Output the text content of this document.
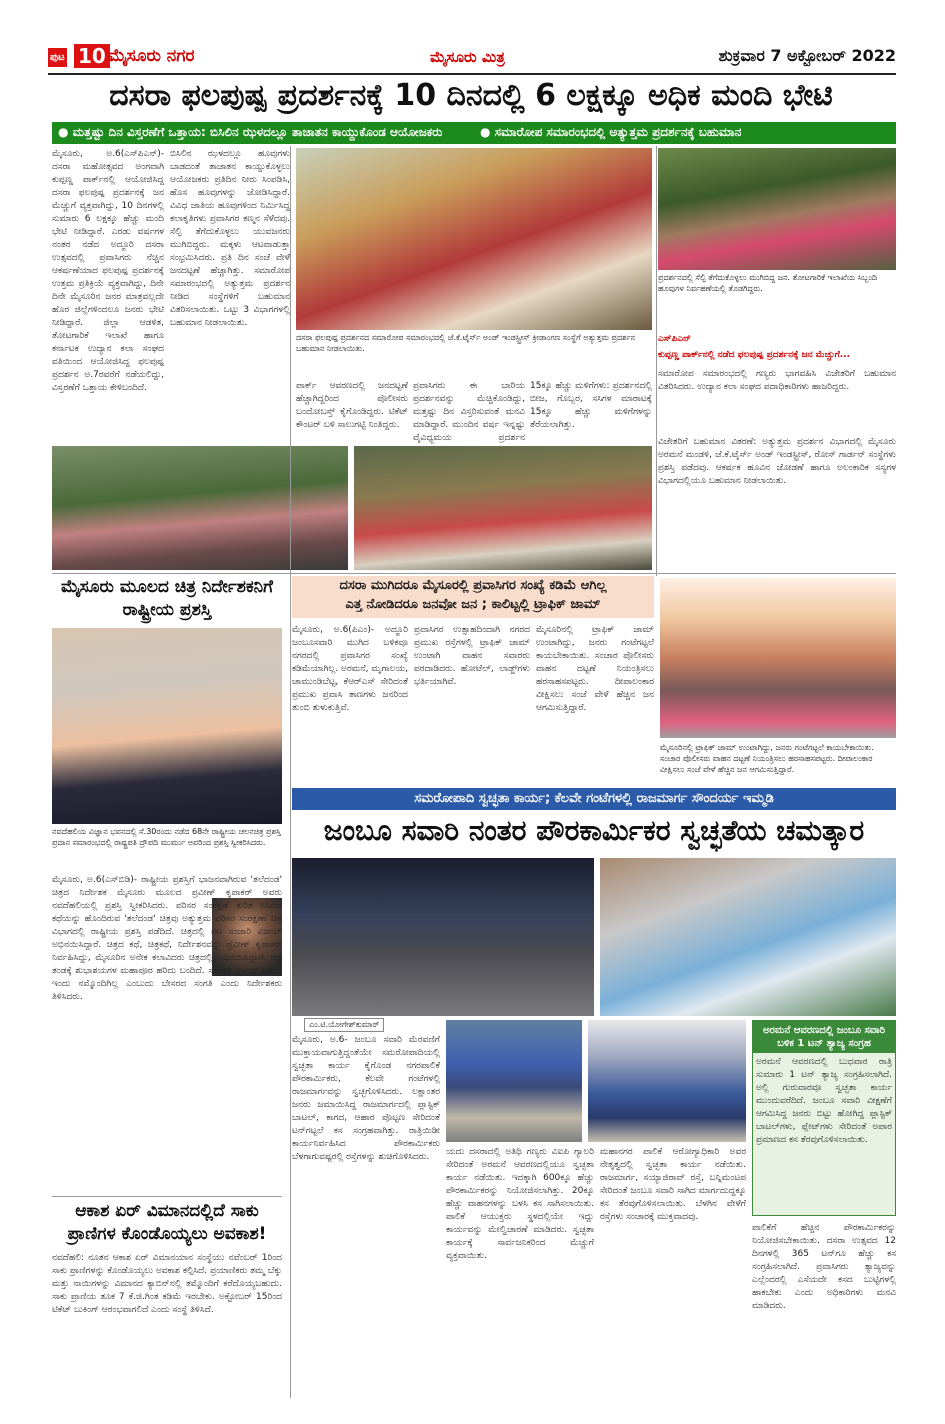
ಪುಟ 10 ಮೈಸೂರು ನಗರ	ಮೈಸೂರು ಮಿತ್ರ	ಶುಕ್ರವಾರ 7 ಅಕ್ಟೋಬರ್ 2022
ದಸರಾ ಫಲಪುಷ್ಪ ಪ್ರದರ್ಶನಕ್ಕೆ 10 ದಿನದಲ್ಲಿ 6 ಲಕ್ಷಕ್ಕೂ ಅಧಿಕ ಮಂದಿ ಭೇಟಿ
● ಮತ್ತಷ್ಟು ದಿನ ವಿಸ್ತರಣೆಗೆ ಒತ್ತಾಯ: ಬಿಸಿಲಿನ ಝಳದಲ್ಲೂ ತಾಜಾತನ ಕಾಯ್ದುಕೊಂಡ ಆಯೋಜಕರು	● ಸಮಾರೋಪ ಸಮಾರಂಭದಲ್ಲಿ ಅತ್ಯುತ್ತಮ ಪ್ರದರ್ಶನಕ್ಕೆ ಬಹುಮಾನ
ಮೈಸೂರು, ಅ.6(ಎಸ್‌ಪಿಎನ್)- ದಸರಾ ಮಹೋತ್ಸವದ ಅಂಗವಾಗಿ ಕುಪ್ಪಣ್ಣ ಪಾರ್ಕ್‌ನಲ್ಲಿ ಆಯೋಜಿಸಿದ್ದ ದಸರಾ ಫಲಪುಷ್ಪ ಪ್ರದರ್ಶನಕ್ಕೆ ಜನ ಮೆಚ್ಚುಗೆ ವ್ಯಕ್ತವಾಗಿದ್ದು, 10 ದಿನಗಳಲ್ಲಿ ಸುಮಾರು 6 ಲಕ್ಷಕ್ಕೂ ಹೆಚ್ಚು ಮಂದಿ ಭೇಟಿ ನೀಡಿದ್ದಾರೆ. ಎರಡು ವರ್ಷಗಳ ನಂತರ ನಡೆದ ಅದ್ಧೂರಿ ದಸರಾ ಉತ್ಸವದಲ್ಲಿ ಪ್ರವಾಸಿಗರು ನೆಚ್ಚಿನ ಆಕರ್ಷಣೆಯಾದ ಫಲಪುಷ್ಪ ಪ್ರದರ್ಶನಕ್ಕೆ ಉತ್ತಮ ಪ್ರತಿಕ್ರಿಯೆ ವ್ಯಕ್ತವಾಗಿದ್ದು, ದಿನೇ ದಿನೇ ಮೈಸೂರಿನ ಜನರ ಮಾತ್ರವಲ್ಲದೇ ಹೊರ ಜಿಲ್ಲೆಗಳಿಂದಲೂ ಜನರು ಭೇಟಿ ನೀಡಿದ್ದಾರೆ. ಜಿಲ್ಲಾ ಆಡಳಿತ, ತೋಟಗಾರಿಕೆ ಇಲಾಖೆ ಹಾಗೂ ಕರ್ನಾಟಕ ಉದ್ಯಾನ ಕಲಾ ಸಂಘದ ವತಿಯಿಂದ ಆಯೋಜಿಸಿದ್ದ ಫಲಪುಷ್ಪ ಪ್ರದರ್ಶನ ಅ.7ರವರೆಗೆ ನಡೆಯಲಿದ್ದು, ವಿಸ್ತರಣೆಗೆ ಒತ್ತಾಯ ಕೇಳಿಬಂದಿದೆ.
ಬಿಸಿಲಿನ ಝಳದಲ್ಲೂ ಹೂವುಗಳು ಬಾಡದಂತೆ ತಾಜಾತನ ಕಾಯ್ದುಕೊಳ್ಳಲು ಆಯೋಜಕರು ಪ್ರತಿದಿನ ನೀರು ಸಿಂಪಡಿಸಿ, ಹೊಸ ಹೂವುಗಳನ್ನು ಜೋಡಿಸಿದ್ದಾರೆ. ವಿವಿಧ ಜಾತಿಯ ಹೂವುಗಳಿಂದ ನಿರ್ಮಿಸಿದ್ದ ಕಲಾಕೃತಿಗಳು ಪ್ರವಾಸಿಗರ ಕಣ್ಮನ ಸೆಳೆದವು. ಸೆಲ್ಫಿ ತೆಗೆದುಕೊಳ್ಳಲು ಯುವಜನರು ಮುಗಿಬಿದ್ದರು. ಮಕ್ಕಳು ಆಟವಾಡುತ್ತಾ ಸಂಭ್ರಮಿಸಿದರು. ಪ್ರತಿ ದಿನ ಸಂಜೆ ವೇಳೆ ಜನದಟ್ಟಣೆ ಹೆಚ್ಚಾಗಿತ್ತು. ಸಮಾರೋಪ ಸಮಾರಂಭದಲ್ಲಿ ಅತ್ಯುತ್ತಮ ಪ್ರದರ್ಶನ ನೀಡಿದ ಸಂಸ್ಥೆಗಳಿಗೆ ಬಹುಮಾನ ವಿತರಿಸಲಾಯಿತು. ಒಟ್ಟು 3 ವಿಭಾಗಗಳಲ್ಲಿ ಬಹುಮಾನ ನೀಡಲಾಯಿತು.
ದಸರಾ ಫಲಪುಷ್ಪ ಪ್ರದರ್ಶನದ ಸಮಾರೋಪ ಸಮಾರಂಭದಲ್ಲಿ ಜೆ.ಕೆ.ಟೈರ್ಸ್ ಅಂಡ್ ಇಂಡಸ್ಟ್ರೀಸ್ ಕ್ರೀಡಾಂಗಣ ಸಂಸ್ಥೆಗೆ ಅತ್ಯುತ್ತಮ ಪ್ರದರ್ಶನ ಬಹುಮಾನ ನೀಡಲಾಯಿತು.
ಪ್ರದರ್ಶನದಲ್ಲಿ ಸೆಲ್ಫಿ ತೆಗೆದುಕೊಳ್ಳಲು ಮುಗಿಬಿದ್ದ ಜನ. ತೋಟಗಾರಿಕೆ ಇಲಾಖೆಯ ಸಿಬ್ಬಂದಿ ಹೂವುಗಳ ನಿರ್ವಹಣೆಯಲ್ಲಿ ತೊಡಗಿದ್ದರು.
ಎಸ್‌ಪಿಎನ್
ಕುಪ್ಪಣ್ಣ ಪಾರ್ಕ್‌ನಲ್ಲಿ ನಡೆದ ಫಲಪುಷ್ಪ ಪ್ರದರ್ಶನಕ್ಕೆ ಜನ ಮೆಚ್ಚುಗೆ...
ಪಾರ್ಕ್ ಆವರಣದಲ್ಲಿ ಜನದಟ್ಟಣೆ ಹೆಚ್ಚಾಗಿದ್ದರಿಂದ ಪೊಲೀಸರು ಬಂದೋಬಸ್ತ್ ಕೈಗೊಂಡಿದ್ದರು. ಟಿಕೆಟ್ ಕೌಂಟರ್ ಬಳಿ ಸಾಲುಗಟ್ಟಿ ನಿಂತಿದ್ದರು.
ಪ್ರವಾಸಿಗರು ಈ ಬಾರಿಯ ಪ್ರದರ್ಶನವನ್ನು ಮೆಚ್ಚಿಕೊಂಡಿದ್ದು, ಮತ್ತಷ್ಟು ದಿನ ವಿಸ್ತರಿಸುವಂತೆ ಮನವಿ ಮಾಡಿದ್ದಾರೆ. ಮುಂದಿನ ವರ್ಷ ಇನ್ನಷ್ಟು ವೈವಿಧ್ಯಮಯ ಪ್ರದರ್ಶನ
15ಕ್ಕೂ ಹೆಚ್ಚು ಮಳಿಗೆಗಳು: ಪ್ರದರ್ಶನದಲ್ಲಿ ಬೀಜ, ಗೊಬ್ಬರ, ಸಸಿಗಳ ಮಾರಾಟಕ್ಕೆ 15ಕ್ಕೂ ಹೆಚ್ಚು ಮಳಿಗೆಗಳನ್ನು ತೆರೆಯಲಾಗಿತ್ತು.
ಸಮಾರೋಪ ಸಮಾರಂಭದಲ್ಲಿ ಗಣ್ಯರು ಭಾಗವಹಿಸಿ ವಿಜೇತರಿಗೆ ಬಹುಮಾನ ವಿತರಿಸಿದರು. ಉದ್ಯಾನ ಕಲಾ ಸಂಘದ ಪದಾಧಿಕಾರಿಗಳು ಹಾಜರಿದ್ದರು.
ವಿಜೇತರಿಗೆ ಬಹುಮಾನ ವಿತರಣೆ: ಅತ್ಯುತ್ತಮ ಪ್ರದರ್ಶನ ವಿಭಾಗದಲ್ಲಿ ಮೈಸೂರು ಅರಮನೆ ಮಂಡಳಿ, ಜೆ.ಕೆ.ಟೈರ್ಸ್ ಅಂಡ್ ಇಂಡಸ್ಟ್ರೀಸ್, ರೋಸ್ ಗಾರ್ಡನ್ ಸಂಸ್ಥೆಗಳು ಪ್ರಶಸ್ತಿ ಪಡೆದವು. ಆಕರ್ಷಕ ಹೂವಿನ ಜೋಡಣೆ ಹಾಗೂ ಅಲಂಕಾರಿಕ ಸಸ್ಯಗಳ ವಿಭಾಗದಲ್ಲಿಯೂ ಬಹುಮಾನ ನೀಡಲಾಯಿತು.
ಮೈಸೂರು ಮೂಲದ ಚಿತ್ರ ನಿರ್ದೇಶಕನಿಗೆ ರಾಷ್ಟ್ರೀಯ ಪ್ರಶಸ್ತಿ
ನವದೆಹಲಿಯ ವಿಜ್ಞಾನ ಭವನದಲ್ಲಿ ಸೆ.30ರಂದು ನಡೆದ 68ನೇ ರಾಷ್ಟ್ರೀಯ ಚಲನಚಿತ್ರ ಪ್ರಶಸ್ತಿ ಪ್ರದಾನ ಸಮಾರಂಭದಲ್ಲಿ ರಾಷ್ಟ್ರಪತಿ ದ್ರೌಪದಿ ಮುರ್ಮು ಅವರಿಂದ ಪ್ರಶಸ್ತಿ ಸ್ವೀಕರಿಸಿದರು.
ಮೈಸೂರು, ಅ.6(ಎಸ್‌ಬಿಡಿ)- ರಾಷ್ಟ್ರೀಯ ಪ್ರಶಸ್ತಿಗೆ ಭಾಜನವಾಗಿರುವ 'ತಲೆದಂಡ' ಚಿತ್ರದ ನಿರ್ದೇಶಕ ಮೈಸೂರು ಮೂಲದ ಪ್ರವೀಣ್ ಕೃಪಾಕರ್ ಅವರು ನವದೆಹಲಿಯಲ್ಲಿ ಪ್ರಶಸ್ತಿ ಸ್ವೀಕರಿಸಿದರು. ಪರಿಸರ ಸಂರಕ್ಷಣೆ ಕುರಿತ ಸಿನಿಮಾ ಕಥೆಯನ್ನು ಹೊಂದಿರುವ 'ತಲೆದಂಡ' ಚಿತ್ರವು ಅತ್ಯುತ್ತಮ ಪರಿಸರ ಸಂರಕ್ಷಣಾ ಚಿತ್ರ ವಿಭಾಗದಲ್ಲಿ ರಾಷ್ಟ್ರೀಯ ಪ್ರಶಸ್ತಿ ಪಡೆದಿದೆ. ಚಿತ್ರದಲ್ಲಿ ನಟ ಸಂಚಾರಿ ವಿಜಯ್ ಅಭಿನಯಿಸಿದ್ದಾರೆ. ಚಿತ್ರದ ಕಥೆ, ಚಿತ್ರಕಥೆ, ನಿರ್ದೇಶನವನ್ನು ಪ್ರವೀಣ್ ಕೃಪಾಕರ್ ನಿರ್ವಹಿಸಿದ್ದು, ಮೈಸೂರಿನ ಅನೇಕ ಕಲಾವಿದರು ಚಿತ್ರದಲ್ಲಿ ಅಭಿನಯಿಸಿದ್ದಾರೆ. ಚಿತ್ರ ತಂಡಕ್ಕೆ ಶುಭಾಶಯಗಳ ಮಹಾಪೂರ ಹರಿದು ಬಂದಿದೆ. ಸಂಚಾರಿ ವಿಜಯ್ ಅವರು ಇಂದು ನಮ್ಮೊಂದಿಗಿಲ್ಲ ಎಂಬುದು ಬೇಸರದ ಸಂಗತಿ ಎಂದು ನಿರ್ದೇಶಕರು ತಿಳಿಸಿದರು.
ದಸರಾ ಮುಗಿದರೂ ಮೈಸೂರಲ್ಲಿ ಪ್ರವಾಸಿಗರ ಸಂಖ್ಯೆ ಕಡಿಮೆ ಆಗಿಲ್ಲ
ಎತ್ತ ನೋಡಿದರೂ ಜನವೋ ಜನ ; ಕಾಲಿಟ್ಟಲ್ಲಿ ಟ್ರಾಫಿಕ್ ಜಾಮ್
ಮೈಸೂರು, ಅ.6(ಪಿಎಂ)- ಅದ್ಧೂರಿ ಜಂಬೂಸವಾರಿ ಮುಗಿದ ಬಳಿಕವೂ ನಗರದಲ್ಲಿ ಪ್ರವಾಸಿಗರ ಸಂಖ್ಯೆ ಕಡಿಮೆಯಾಗಿಲ್ಲ. ಅರಮನೆ, ಮೃಗಾಲಯ, ಚಾಮುಂಡಿಬೆಟ್ಟ, ಕೆಆರ್‌ಎಸ್ ಸೇರಿದಂತೆ ಪ್ರಮುಖ ಪ್ರವಾಸಿ ತಾಣಗಳು ಜನರಿಂದ ತುಂಬಿ ತುಳುಕುತ್ತಿವೆ.
ಪ್ರವಾಸಿಗರ ಉತ್ಸಾಹದಿಂದಾಗಿ ನಗರದ ಪ್ರಮುಖ ರಸ್ತೆಗಳಲ್ಲಿ ಟ್ರಾಫಿಕ್ ಜಾಮ್ ಉಂಟಾಗಿ ವಾಹನ ಸವಾರರು ಪರದಾಡಿದರು. ಹೋಟೆಲ್, ಲಾಡ್ಜ್‌ಗಳು ಭರ್ತಿಯಾಗಿವೆ.
ಮೈಸೂರಿನಲ್ಲಿ ಟ್ರಾಫಿಕ್ ಜಾಮ್ ಉಂಟಾಗಿದ್ದು, ಜನರು ಗಂಟೆಗಟ್ಟಲೆ ಕಾಯಬೇಕಾಯಿತು. ಸಂಚಾರ ಪೊಲೀಸರು ವಾಹನ ದಟ್ಟಣೆ ನಿಯಂತ್ರಿಸಲು ಹರಸಾಹಸಪಟ್ಟರು. ದೀಪಾಲಂಕಾರ ವೀಕ್ಷಿಸಲು ಸಂಜೆ ವೇಳೆ ಹೆಚ್ಚಿನ ಜನ ಆಗಮಿಸುತ್ತಿದ್ದಾರೆ.
ಮೈಸೂರಿನಲ್ಲಿ ಟ್ರಾಫಿಕ್ ಜಾಮ್ ಉಂಟಾಗಿದ್ದು, ಜನರು ಗಂಟೆಗಟ್ಟಲೆ ಕಾಯಬೇಕಾಯಿತು. ಸಂಚಾರ ಪೊಲೀಸರು ವಾಹನ ದಟ್ಟಣೆ ನಿಯಂತ್ರಿಸಲು ಹರಸಾಹಸಪಟ್ಟರು. ದೀಪಾಲಂಕಾರ ವೀಕ್ಷಿಸಲು ಸಂಜೆ ವೇಳೆ ಹೆಚ್ಚಿನ ಜನ ಆಗಮಿಸುತ್ತಿದ್ದಾರೆ.
ಸಮರೋಪಾದಿ ಸ್ವಚ್ಛತಾ ಕಾರ್ಯ; ಕೆಲವೇ ಗಂಟೆಗಳಲ್ಲಿ ರಾಜಮಾರ್ಗ ಸೌಂದರ್ಯ ಇಮ್ಮಡಿ
ಜಂಬೂ ಸವಾರಿ ನಂತರ ಪೌರಕಾರ್ಮಿಕರ ಸ್ವಚ್ಛತೆಯ ಚಮತ್ಕಾರ
ಎಂ.ಟಿ.ಯೋಗೇಶ್‌ಕುಮಾರ್
ಮೈಸೂರು, ಅ.6- ಜಂಬೂ ಸವಾರಿ ಮೆರವಣಿಗೆ ಮುಕ್ತಾಯವಾಗುತ್ತಿದ್ದಂತೆಯೇ ಸಮರೋಪಾದಿಯಲ್ಲಿ ಸ್ವಚ್ಛತಾ ಕಾರ್ಯ ಕೈಗೊಂಡ ನಗರಪಾಲಿಕೆ ಪೌರಕಾರ್ಮಿಕರು, ಕೆಲವೇ ಗಂಟೆಗಳಲ್ಲಿ ರಾಜಮಾರ್ಗವನ್ನು ಸ್ವಚ್ಛಗೊಳಿಸಿದರು. ಲಕ್ಷಾಂತರ ಜನರು ಜಮಾಯಿಸಿದ್ದ ರಾಜಮಾರ್ಗದಲ್ಲಿ ಪ್ಲಾಸ್ಟಿಕ್ ಬಾಟಲ್, ಕಾಗದ, ಆಹಾರ ಪೊಟ್ಟಣ ಸೇರಿದಂತೆ ಟನ್‌ಗಟ್ಟಲೆ ಕಸ ಸಂಗ್ರಹವಾಗಿತ್ತು. ರಾತ್ರಿಯಿಡೀ ಕಾರ್ಯನಿರ್ವಹಿಸಿದ ಪೌರಕಾರ್ಮಿಕರು ಬೆಳಗಾಗುವಷ್ಟರಲ್ಲಿ ರಸ್ತೆಗಳನ್ನು ಶುಚಿಗೊಳಿಸಿದರು.	ಯದು ದಸರಾದಲ್ಲಿ ಅತಿಥಿ ಗಣ್ಯರು ವಿಐಪಿ ಗ್ಯಾಲರಿ ಸೇರಿದಂತೆ ಅರಮನೆ ಆವರಣದಲ್ಲಿಯೂ ಸ್ವಚ್ಛತಾ ಕಾರ್ಯ ನಡೆಯಿತು. ಇದಕ್ಕಾಗಿ 600ಕ್ಕೂ ಹೆಚ್ಚು ಪೌರಕಾರ್ಮಿಕರನ್ನು ನಿಯೋಜಿಸಲಾಗಿತ್ತು. 20ಕ್ಕೂ ಹೆಚ್ಚು ವಾಹನಗಳನ್ನು ಬಳಸಿ ಕಸ ಸಾಗಿಸಲಾಯಿತು. ಪಾಲಿಕೆ ಆಯುಕ್ತರು ಸ್ಥಳದಲ್ಲಿಯೇ ಇದ್ದು ಕಾರ್ಯವನ್ನು ಮೇಲ್ವಿಚಾರಣೆ ಮಾಡಿದರು. ಸ್ವಚ್ಛತಾ ಕಾರ್ಯಕ್ಕೆ ಸಾರ್ವಜನಿಕರಿಂದ ಮೆಚ್ಚುಗೆ ವ್ಯಕ್ತವಾಯಿತು.
ಮಹಾನಗರ ಪಾಲಿಕೆ ಆರೋಗ್ಯಾಧಿಕಾರಿ ಅವರ ನೇತೃತ್ವದಲ್ಲಿ ಸ್ವಚ್ಛತಾ ಕಾರ್ಯ ನಡೆಯಿತು. ರಾಜಮಾರ್ಗ, ಸಯ್ಯಾಜಿರಾವ್ ರಸ್ತೆ, ಬನ್ನಿಮಂಟಪ ಸೇರಿದಂತೆ ಜಂಬೂ ಸವಾರಿ ಸಾಗಿದ ಮಾರ್ಗದುದ್ದಕ್ಕೂ ಕಸ ತೆರವುಗೊಳಿಸಲಾಯಿತು. ಬೆಳಗಿನ ವೇಳೆಗೆ ರಸ್ತೆಗಳು ಸಂಚಾರಕ್ಕೆ ಮುಕ್ತವಾದವು.
ಅರಮನೆ ಆವರಣದಲ್ಲಿ ಜಂಬೂ ಸವಾರಿ ಬಳಿಕ 1 ಟನ್ ತ್ಯಾಜ್ಯ ಸಂಗ್ರಹ
ಅರಮನೆ ಆವರಣದಲ್ಲಿ ಬುಧವಾರ ರಾತ್ರಿ ಸುಮಾರು 1 ಟನ್ ತ್ಯಾಜ್ಯ ಸಂಗ್ರಹಿಸಲಾಗಿದೆ. ಅಲ್ಲಿ ಗುರುವಾರವೂ ಸ್ವಚ್ಛತಾ ಕಾರ್ಯ ಮುಂದುವರೆದಿದೆ. ಜಂಬೂ ಸವಾರಿ ವೀಕ್ಷಣೆಗೆ ಆಗಮಿಸಿದ್ದ ಜನರು ಬಿಟ್ಟು ಹೋಗಿದ್ದ ಪ್ಲಾಸ್ಟಿಕ್ ಬಾಟಲ್‌ಗಳು, ಪ್ಲೇಟ್‌ಗಳು ಸೇರಿದಂತೆ ಅಪಾರ ಪ್ರಮಾಣದ ಕಸ ತೆರವುಗೊಳಿಸಲಾಯಿತು.
ಪಾಲಿಕೆಗೆ ಹೆಚ್ಚಿನ ಪೌರಕಾರ್ಮಿಕರನ್ನು ನಿಯೋಜಿಸಬೇಕಾಯಿತು. ದಸರಾ ಉತ್ಸವದ 12 ದಿನಗಳಲ್ಲಿ 365 ಟನ್‌ಗೂ ಹೆಚ್ಚು ಕಸ ಸಂಗ್ರಹಿಸಲಾಗಿದೆ. ಪ್ರವಾಸಿಗರು ತ್ಯಾಜ್ಯವನ್ನು ಎಲ್ಲೆಂದರಲ್ಲಿ ಎಸೆಯದೇ ಕಸದ ಬುಟ್ಟಿಗಳಲ್ಲಿ ಹಾಕಬೇಕು ಎಂದು ಅಧಿಕಾರಿಗಳು ಮನವಿ ಮಾಡಿದರು.
ಆಕಾಶ ಏರ್ ವಿಮಾನದಲ್ಲಿದೆ ಸಾಕು ಪ್ರಾಣಿಗಳ ಕೊಂಡೊಯ್ಯಲು ಅವಕಾಶ!
ನವದೆಹಲಿ: ನೂತನ ಆಕಾಶ ಏರ್ ವಿಮಾನಯಾನ ಸಂಸ್ಥೆಯು ನವೆಂಬರ್ 1ರಿಂದ ಸಾಕು ಪ್ರಾಣಿಗಳನ್ನು ಕೊಂಡೊಯ್ಯಲು ಅವಕಾಶ ಕಲ್ಪಿಸಿದೆ. ಪ್ರಯಾಣಿಕರು ತಮ್ಮ ಬೆಕ್ಕು ಮತ್ತು ನಾಯಿಗಳನ್ನು ವಿಮಾನದ ಕ್ಯಾಬಿನ್‌ನಲ್ಲಿ ತಮ್ಮೊಂದಿಗೆ ಕರೆದೊಯ್ಯಬಹುದು. ಸಾಕು ಪ್ರಾಣಿಯ ತೂಕ 7 ಕೆ.ಜಿ.ಗಿಂತ ಕಡಿಮೆ ಇರಬೇಕು. ಅಕ್ಟೋಬರ್ 15ರಿಂದ ಟಿಕೆಟ್ ಬುಕಿಂಗ್ ಆರಂಭವಾಗಲಿದೆ ಎಂದು ಸಂಸ್ಥೆ ತಿಳಿಸಿದೆ.
